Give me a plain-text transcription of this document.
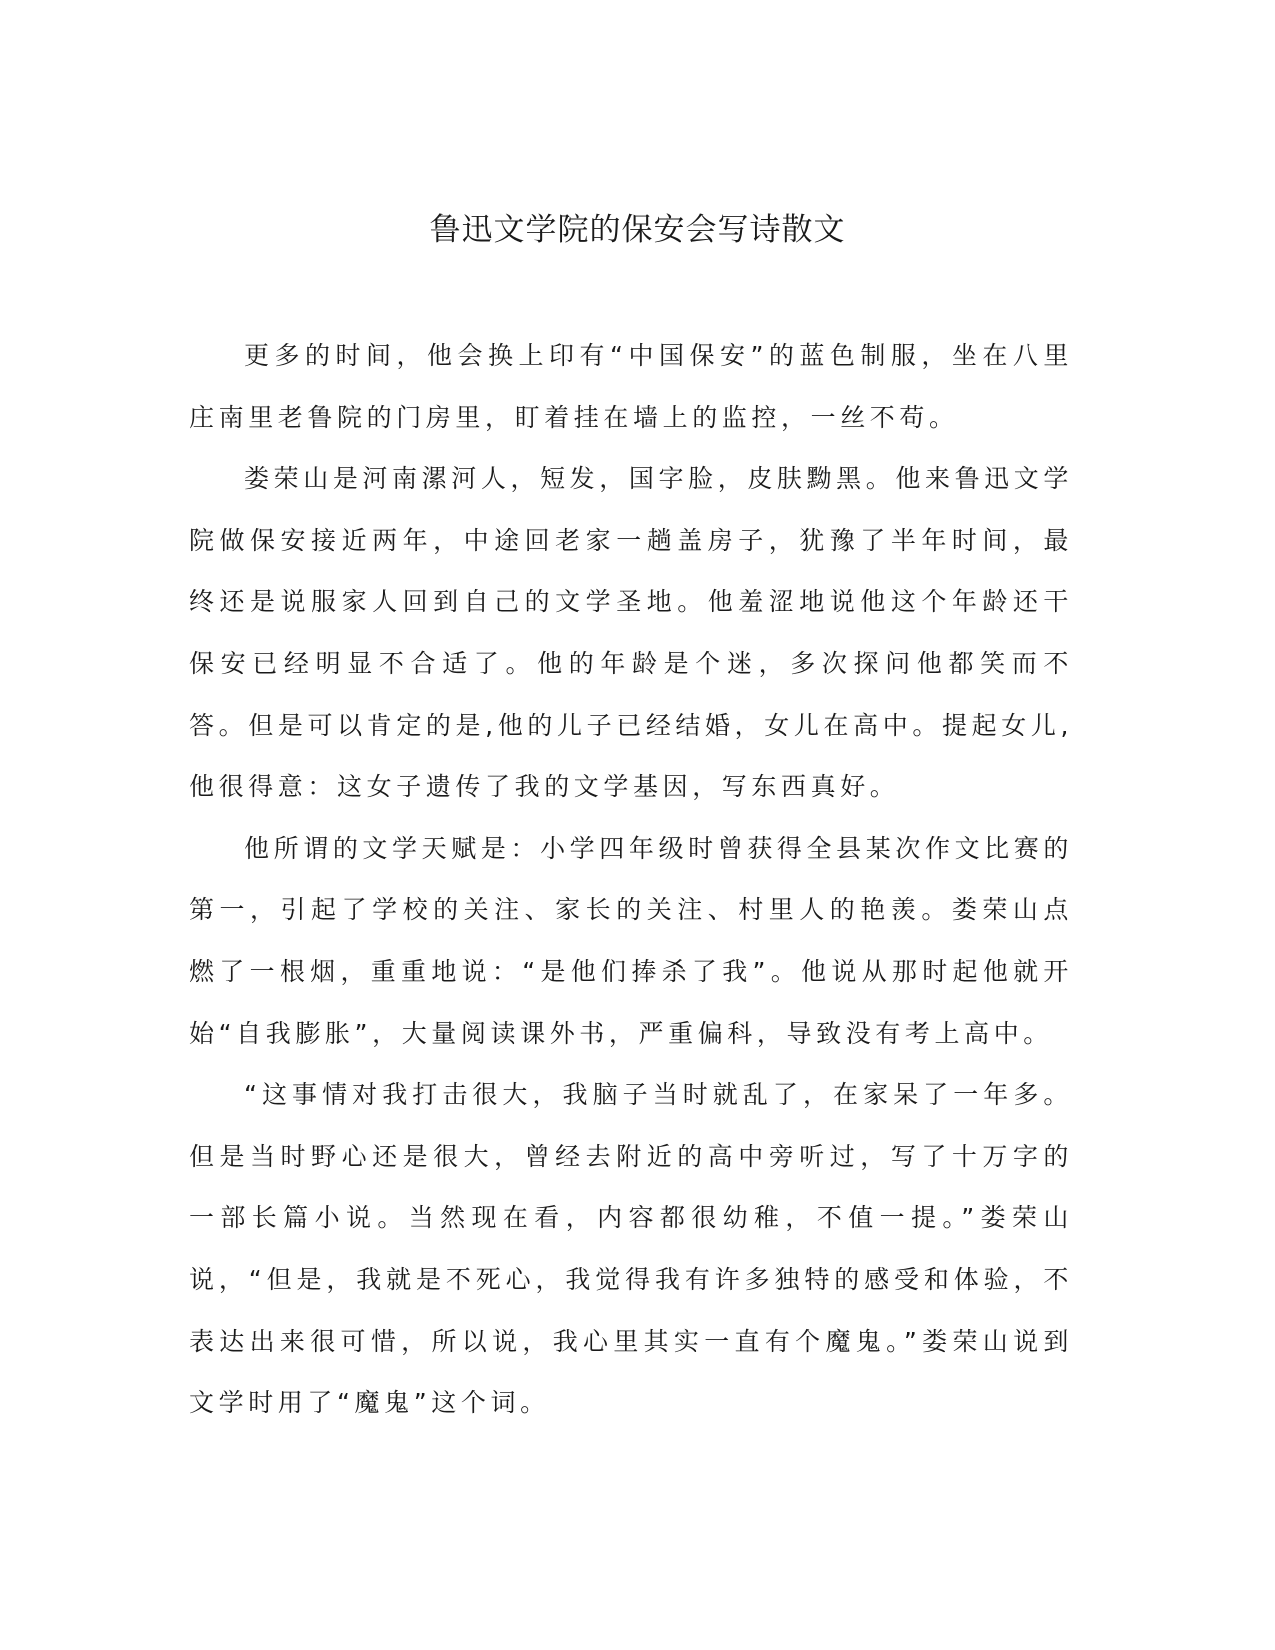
鲁迅文学院的保安会写诗散文

更多的时间，他会换上印有“中国保安”的蓝色制服，坐在八里庄南里老鲁院的门房里，盯着挂在墙上的监控，一丝不苟。

娄荣山是河南漯河人，短发，国字脸，皮肤黝黑。他来鲁迅文学院做保安接近两年，中途回老家一趟盖房子，犹豫了半年时间，最终还是说服家人回到自己的文学圣地。他羞涩地说他这个年龄还干保安已经明显不合适了。他的年龄是个迷，多次探问他都笑而不答。但是可以肯定的是,他的儿子已经结婚，女儿在高中。提起女儿,他很得意：这女子遗传了我的文学基因，写东西真好。

他所谓的文学天赋是：小学四年级时曾获得全县某次作文比赛的第一，引起了学校的关注、家长的关注、村里人的艳羡。娄荣山点燃了一根烟，重重地说：“是他们捧杀了我”。他说从那时起他就开始“自我膨胀”，大量阅读课外书，严重偏科，导致没有考上高中。

“这事情对我打击很大，我脑子当时就乱了，在家呆了一年多。但是当时野心还是很大，曾经去附近的高中旁听过，写了十万字的一部长篇小说。当然现在看，内容都很幼稚，不值一提。”娄荣山说，“但是，我就是不死心，我觉得我有许多独特的感受和体验，不表达出来很可惜，所以说，我心里其实一直有个魔鬼。”娄荣山说到文学时用了“魔鬼”这个词。
